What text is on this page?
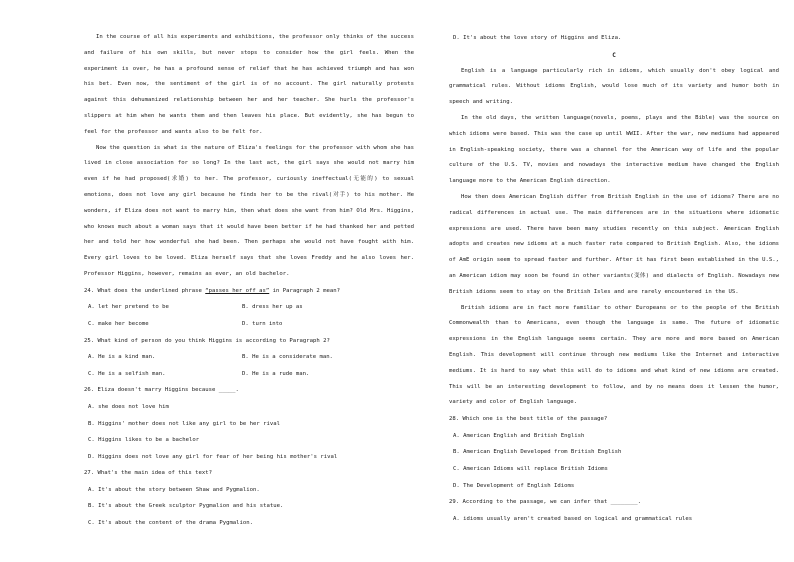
In the course of all his experiments and exhibitions, the professor only thinks of the success and failure of his own skills, but never stops to consider how the girl feels. When the experiment is over, he has a profound sense of relief that he has achieved triumph and has won his bet. Even now, the sentiment of the girl is of no account. The girl naturally protests against this dehumanized relationship between her and her teacher. She hurls the professor's slippers at him when he wants them and then leaves his place. But evidently, she has begun to feel for the professor and wants also to be felt for.

Now the question is what is the nature of Eliza's feelings for the professor with whom she has lived in close association for so long? In the last act, the girl says she would not marry him even if he had proposed(求婚) to her. The professor, curiously ineffectual(无能的) to sexual emotions, does not love any girl because he finds her to be the rival(对手) to his mother. He wonders, if Eliza does not want to marry him, then what does she want from him? Old Mrs. Higgins, who knows much about a woman says that it would have been better if he had thanked her and petted her and told her how wonderful she had been. Then perhaps she would not have fought with him. Every girl loves to be loved. Eliza herself says that she loves Freddy and he also loves her. Professor Higgins, however, remains as ever, an old bachelor.

24. What does the underlined phrase “passes her off as” in Paragraph 2 mean?

A. let her pretend to be	B. dress her up as

C. make her become	D. turn into

25. What kind of person do you think Higgins is according to Paragraph 2?

A. He is a kind man.	B. He is a considerate man.

C. He is a selfish man.	D. He is a rude man.

26. Eliza doesn't marry Higgins because _____.

A. she does not love him

B. Higgins' mother does not like any girl to be her rival

C. Higgins likes to be a bachelor

D. Higgins does not love any girl for fear of her being his mother's rival

27. What's the main idea of this text?

A. It's about the story between Shaw and Pygmalion.

B. It's about the Greek sculptor Pygmalion and his statue.

C. It's about the content of the drama Pygmalion.

D. It's about the love story of Higgins and Eliza.

C

English is a language particularly rich in idioms, which usually don't obey logical and grammatical rules. Without idioms English, would lose much of its variety and humor both in speech and writing.

In the old days, the written language(novels, poems, plays and the Bible) was the source on which idioms were based. This was the case up until WWII. After the war, new mediums had appeared in English-speaking society, there was a channel for the American way of life and the popular culture of the U.S. TV, movies and nowadays the interactive medium have changed the English language more to the American English direction.

How then does American English differ from British English in the use of idioms? There are no radical differences in actual use. The main differences are in the situations where idiomatic expressions are used. There have been many studies recently on this subject. American English adopts and creates new idioms at a much faster rate compared to British English. Also, the idioms of AmE origin seem to spread faster and further. After it has first been established in the U.S., an American idiom may soon be found in other variants(变体) and dialects of English. Nowadays new British idioms seem to stay on the British Isles and are rarely encountered in the US.

British idioms are in fact more familiar to other Europeans or to the people of the British Commonwealth than to Americans, even though the language is same. The future of idiomatic expressions in the English language seems certain. They are more and more based on American English. This development will continue through new mediums like the Internet and interactive mediums. It is hard to say what this will do to idioms and what kind of new idioms are created. This will be an interesting development to follow, and by no means does it lessen the humor, variety and color of English language.

28. Which one is the best title of the passage?

A. American English and British English

B. American English Developed from British English

C. American Idioms will replace British Idioms

D. The Development of English Idioms

29. According to the passage, we can infer that ________.

A. idioms usually aren't created based on logical and grammatical rules
